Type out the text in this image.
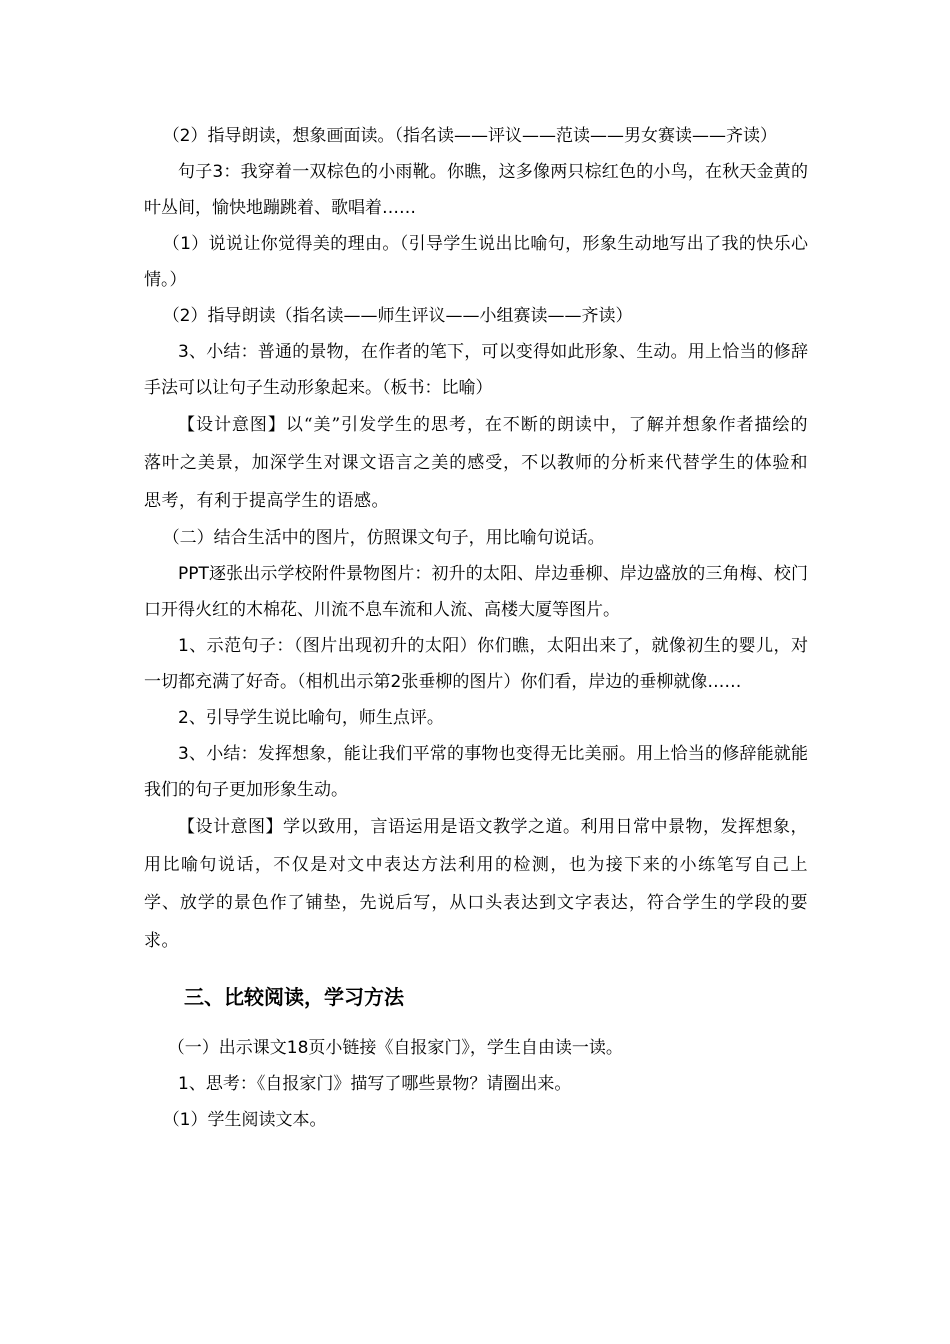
（2）指导朗读，想象画面读。（指名读——评议——范读——男女赛读——齐读）

句子3：我穿着一双棕色的小雨靴。你瞧，这多像两只棕红色的小鸟，在秋天金黄的叶丛间，愉快地蹦跳着、歌唱着……

（1）说说让你觉得美的理由。（引导学生说出比喻句，形象生动地写出了我的快乐心情。）

（2）指导朗读（指名读——师生评议——小组赛读——齐读）

3、小结：普通的景物，在作者的笔下，可以变得如此形象、生动。用上恰当的修辞手法可以让句子生动形象起来。（板书：比喻）

【设计意图】以“美”引发学生的思考，在不断的朗读中，了解并想象作者描绘的落叶之美景，加深学生对课文语言之美的感受，不以教师的分析来代替学生的体验和思考，有利于提高学生的语感。

（二）结合生活中的图片，仿照课文句子，用比喻句说话。

PPT逐张出示学校附件景物图片：初升的太阳、岸边垂柳、岸边盛放的三角梅、校门口开得火红的木棉花、川流不息车流和人流、高楼大厦等图片。

1、示范句子：（图片出现初升的太阳）你们瞧，太阳出来了，就像初生的婴儿，对一切都充满了好奇。（相机出示第2张垂柳的图片）你们看，岸边的垂柳就像……

2、引导学生说比喻句，师生点评。

3、小结：发挥想象，能让我们平常的事物也变得无比美丽。用上恰当的修辞能就能我们的句子更加形象生动。

【设计意图】学以致用，言语运用是语文教学之道。利用日常中景物，发挥想象，用比喻句说话，不仅是对文中表达方法利用的检测，也为接下来的小练笔写自己上学、放学的景色作了铺垫，先说后写，从口头表达到文字表达，符合学生的学段的要求。

三、比较阅读，学习方法

（一）出示课文18页小链接《自报家门》，学生自由读一读。

1、思考：《自报家门》描写了哪些景物？请圈出来。

（1）学生阅读文本。
